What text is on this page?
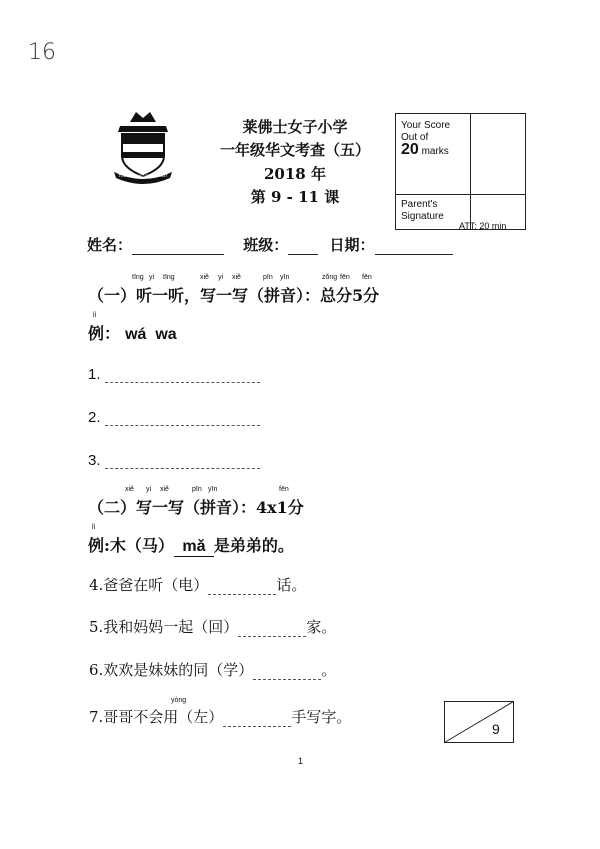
16
TOUCHER ET PLUS HAUT
莱佛士女子小学
一年级华文考查（五）
2018 年
第 9 - 11 课
Your Score
Out of
20 marks	

Parent's
Signature	

ATT: 20 min
姓名：	班级：	日期：
tīng yi tīng	xiě yi xiě	pīn yīn	zǒng fēn fēn
（一）听一听，写一写（拼音）：总分5分
lì
例： wá  wa
1.
2.
3.
xiě yi xiě	pīn yīn	fēn
（二）写一写（拼音）：4x1分
lì
例:木（马） mǎ 是弟弟的。
4.爸爸在听（电）	话。
5.我和妈妈一起（回）	家。
6.欢欢是妹妹的同（学）	。
yòng
7.哥哥不会用（左）	手写字。
9
1
